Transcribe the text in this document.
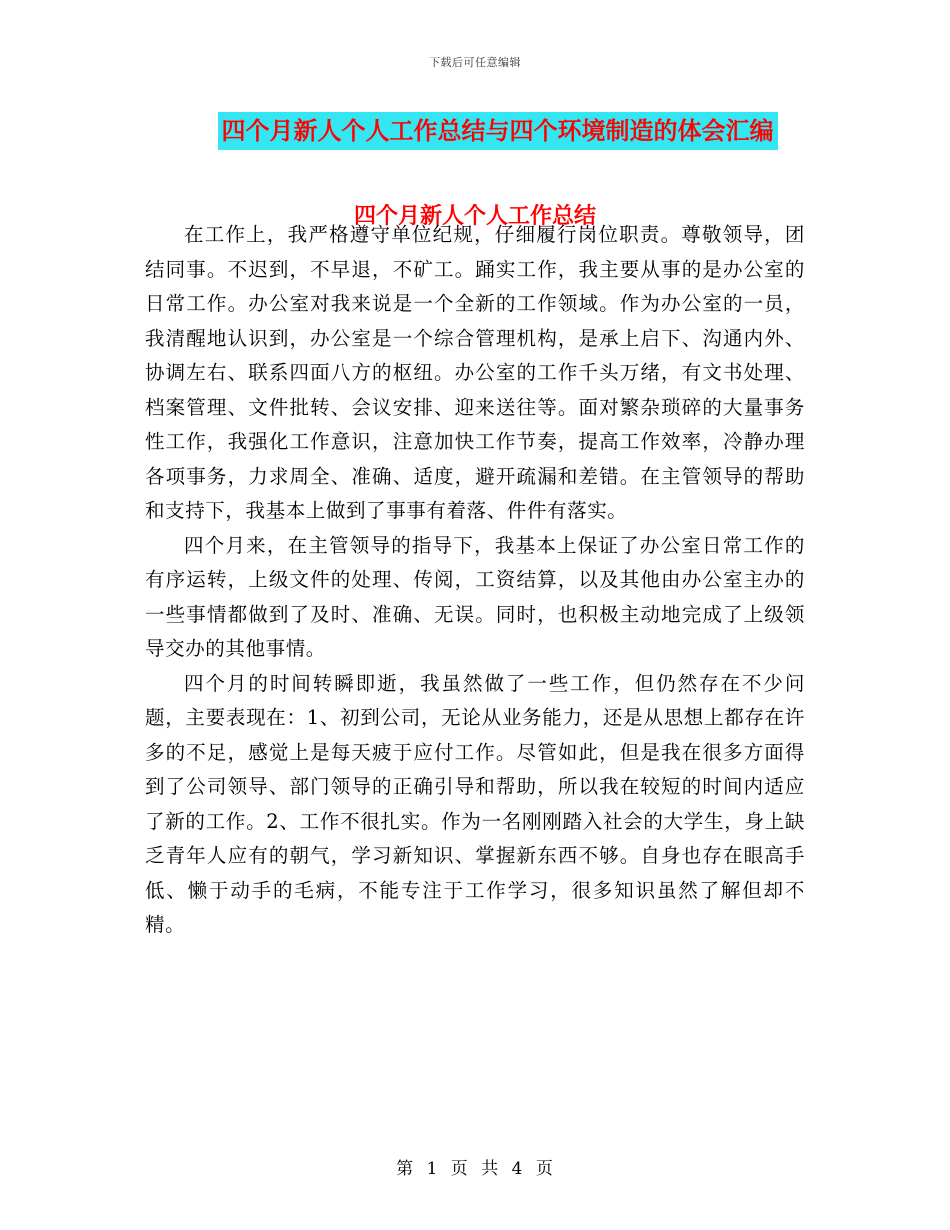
下载后可任意编辑
四个月新人个人工作总结与四个环境制造的体会汇编
四个月新人个人工作总结

在工作上，我严格遵守单位纪规，仔细履行岗位职责。尊敬领导，团结同事。不迟到，不早退，不矿工。踊实工作，我主要从事的是办公室的日常工作。办公室对我来说是一个全新的工作领域。作为办公室的一员，我清醒地认识到，办公室是一个综合管理机构，是承上启下、沟通内外、协调左右、联系四面八方的枢纽。办公室的工作千头万绪，有文书处理、档案管理、文件批转、会议安排、迎来送往等。面对繁杂琐碎的大量事务性工作，我强化工作意识，注意加快工作节奏，提高工作效率，冷静办理各项事务，力求周全、准确、适度，避开疏漏和差错。在主管领导的帮助和支持下，我基本上做到了事事有着落、件件有落实。

四个月来，在主管领导的指导下，我基本上保证了办公室日常工作的有序运转，上级文件的处理、传阅，工资结算，以及其他由办公室主办的一些事情都做到了及时、准确、无误。同时，也积极主动地完成了上级领导交办的其他事情。

四个月的时间转瞬即逝，我虽然做了一些工作，但仍然存在不少问题，主要表现在：1、初到公司，无论从业务能力，还是从思想上都存在许多的不足，感觉上是每天疲于应付工作。尽管如此，但是我在很多方面得到了公司领导、部门领导的正确引导和帮助，所以我在较短的时间内适应了新的工作。2、工作不很扎实。作为一名刚刚踏入社会的大学生，身上缺乏青年人应有的朝气，学习新知识、掌握新东西不够。自身也存在眼高手低、懒于动手的毛病，不能专注于工作学习，很多知识虽然了解但却不精。

第 1 页 共 4 页
